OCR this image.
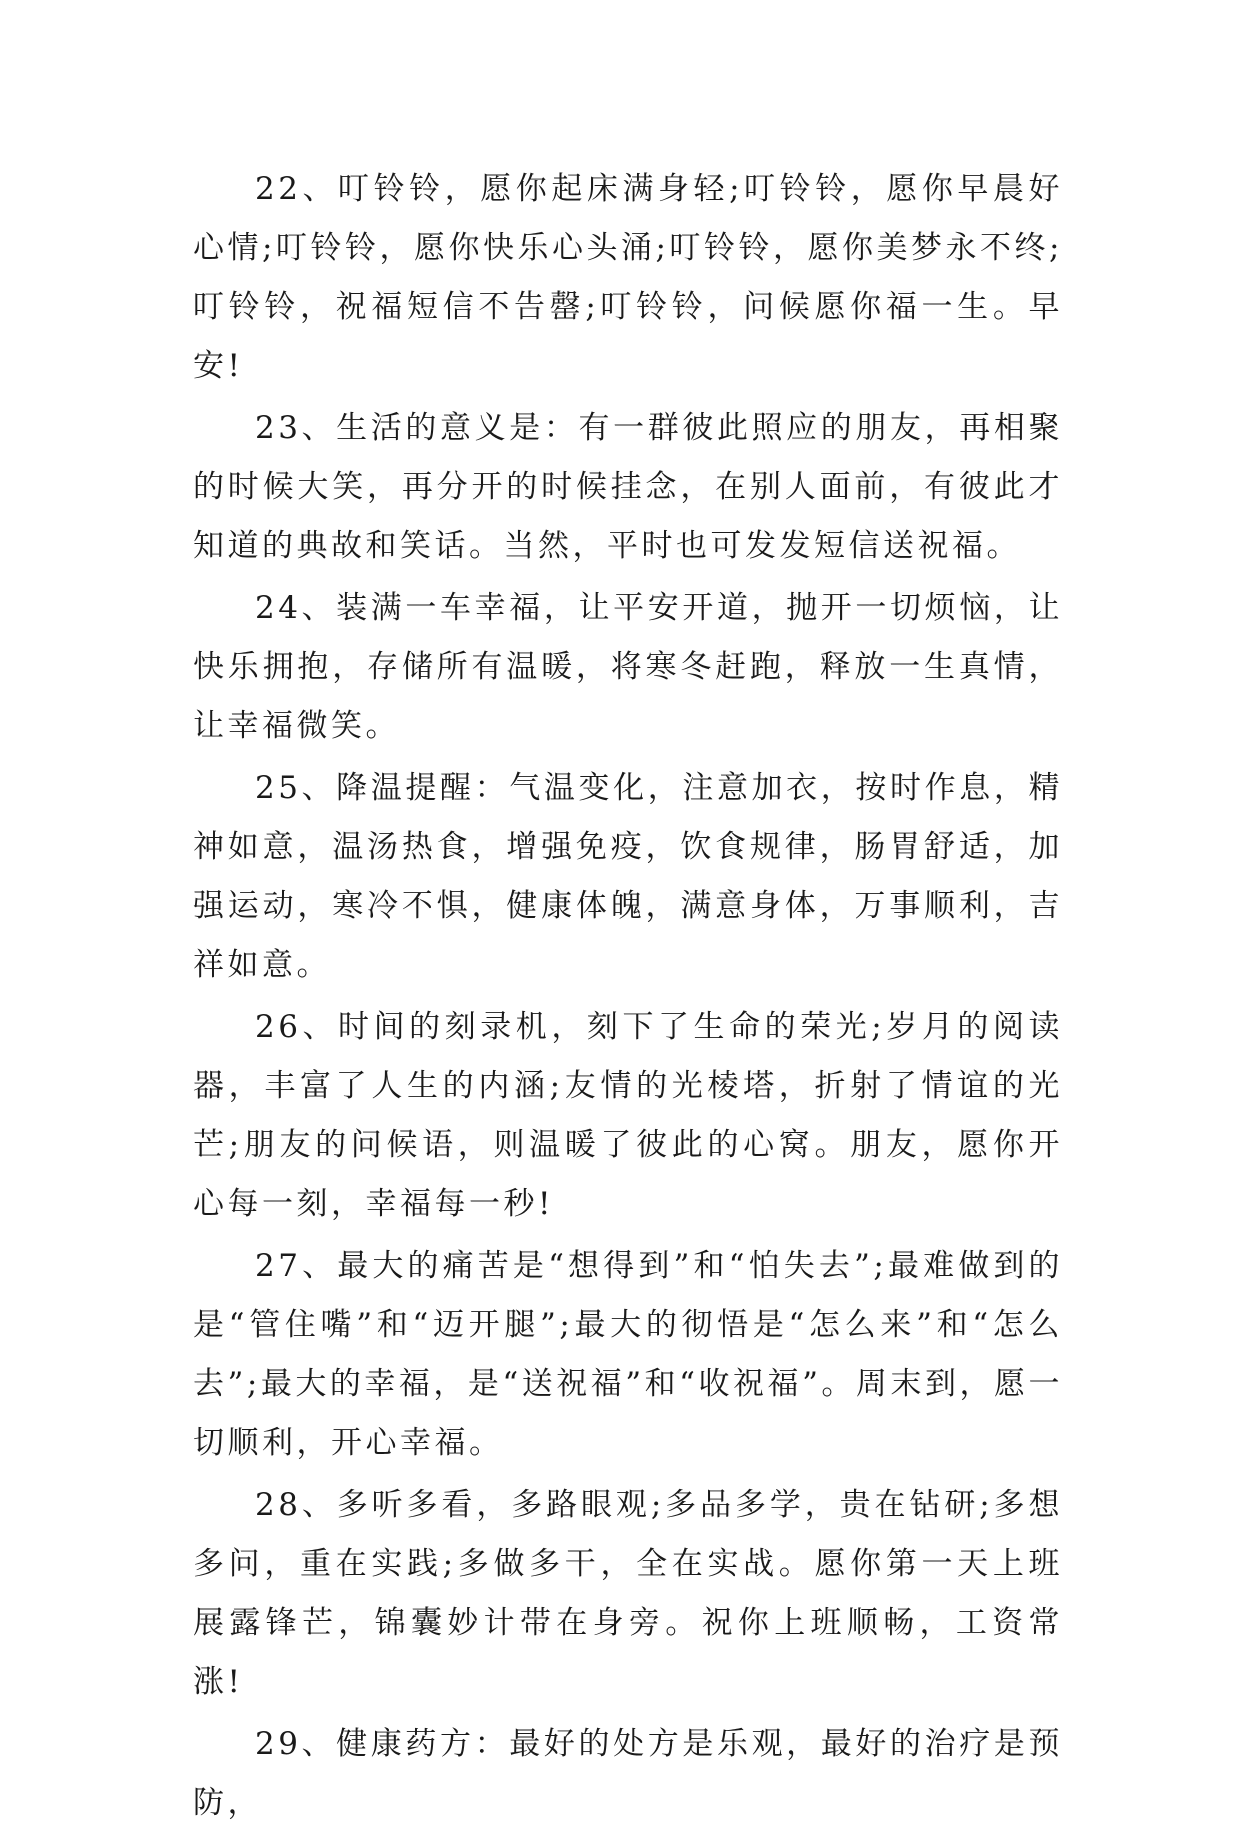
22、叮铃铃，愿你起床满身轻;叮铃铃，愿你早晨好心情;叮铃铃，愿你快乐心头涌;叮铃铃，愿你美梦永不终;叮铃铃，祝福短信不告罄;叮铃铃，问候愿你福一生。早安!

23、生活的意义是：有一群彼此照应的朋友，再相聚的时候大笑，再分开的时候挂念，在别人面前，有彼此才知道的典故和笑话。当然，平时也可发发短信送祝福。

24、装满一车幸福，让平安开道，抛开一切烦恼，让快乐拥抱，存储所有温暖，将寒冬赶跑，释放一生真情，让幸福微笑。

25、降温提醒：气温变化，注意加衣，按时作息，精神如意，温汤热食，增强免疫，饮食规律，肠胃舒适，加强运动，寒冷不惧，健康体魄，满意身体，万事顺利，吉祥如意。

26、时间的刻录机，刻下了生命的荣光;岁月的阅读器，丰富了人生的内涵;友情的光棱塔，折射了情谊的光芒;朋友的问候语，则温暖了彼此的心窝。朋友，愿你开心每一刻，幸福每一秒!

27、最大的痛苦是“想得到”和“怕失去”;最难做到的是“管住嘴”和“迈开腿”;最大的彻悟是“怎么来”和“怎么去”;最大的幸福，是“送祝福”和“收祝福”。周末到，愿一切顺利，开心幸福。

28、多听多看，多路眼观;多品多学，贵在钻研;多想多问，重在实践;多做多干，全在实战。愿你第一天上班展露锋芒，锦囊妙计带在身旁。祝你上班顺畅，工资常涨!

29、健康药方：最好的处方是乐观，最好的治疗是预防，
